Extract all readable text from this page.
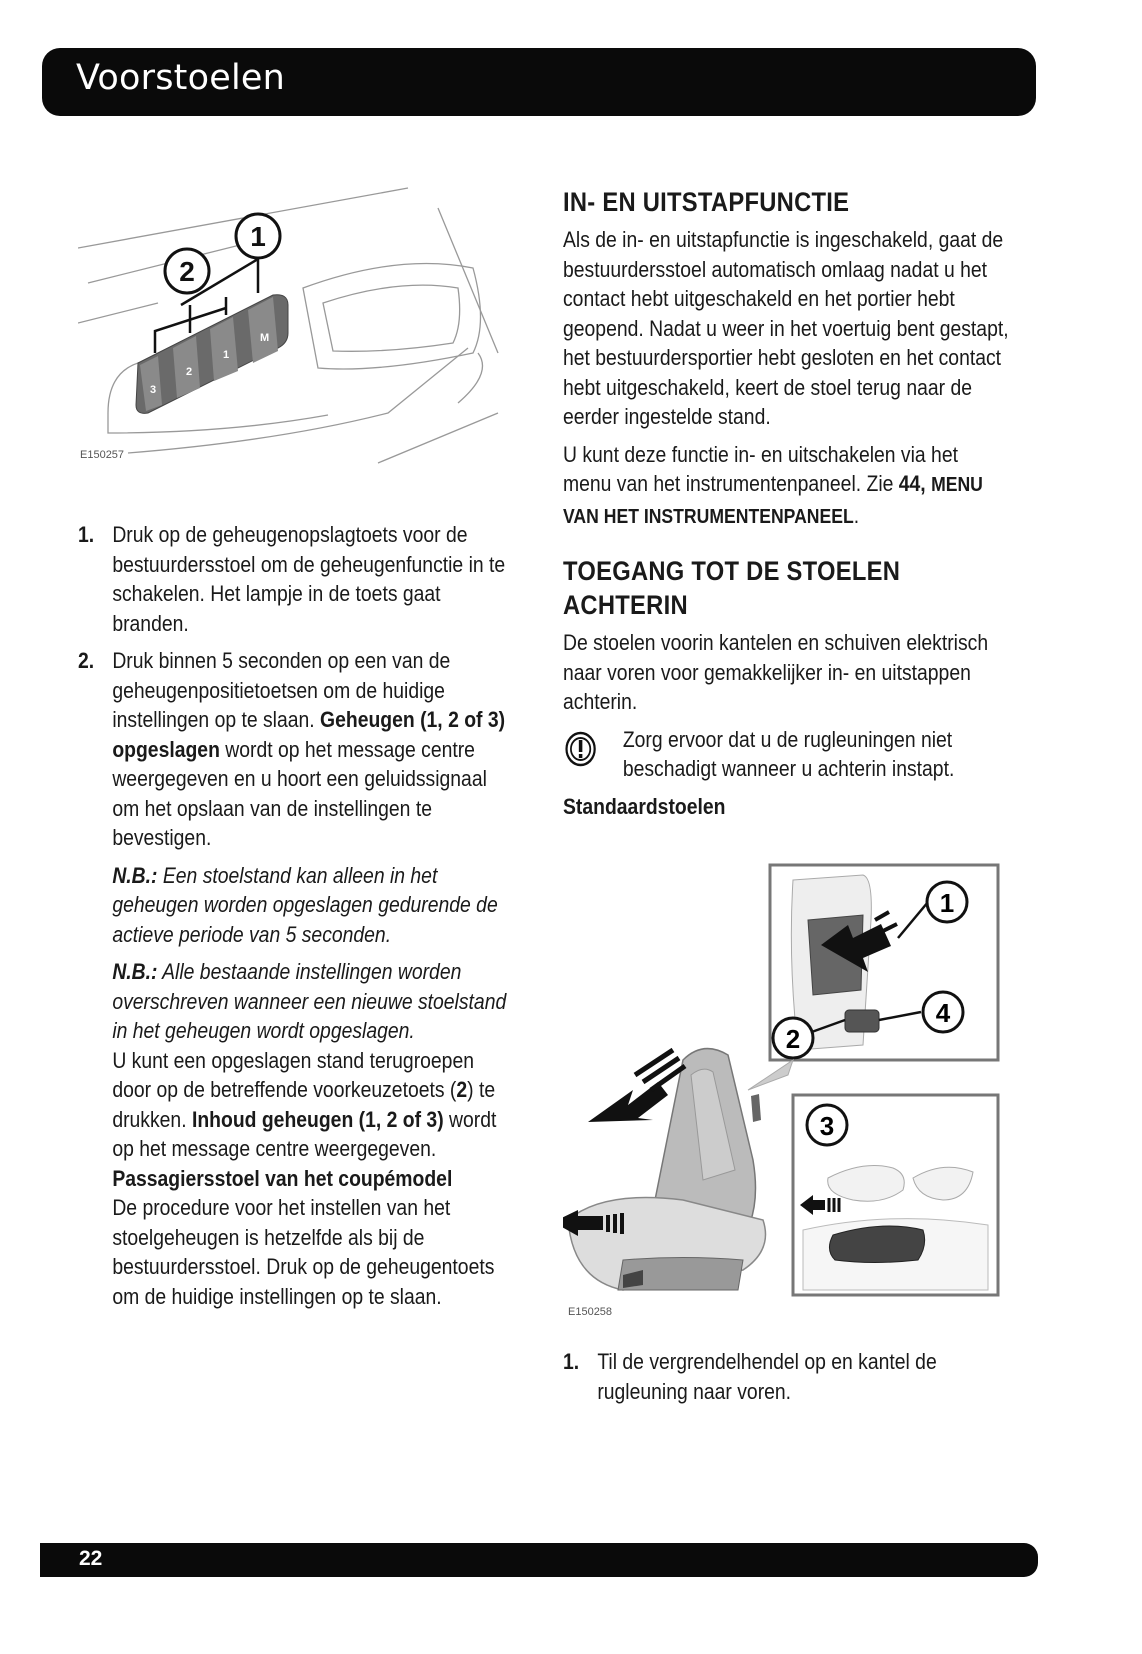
Voorstoelen
3
2
1
M
1
2
E150257
1. Druk op de geheugenopslagtoets voor de bestuurdersstoel om de geheugenfunctie in te schakelen. Het lampje in de toets gaat branden.
2. Druk binnen 5 seconden op een van de geheugenpositietoetsen om de huidige instellingen op te slaan. Geheugen (1, 2 of 3) opgeslagen wordt op het message centre weergegeven en u hoort een geluidssignaal om het opslaan van de instellingen te bevestigen.

N.B.: Een stoelstand kan alleen in het geheugen worden opgeslagen gedurende de actieve periode van 5 seconden.

N.B.: Alle bestaande instellingen worden overschreven wanneer een nieuwe stoelstand in het geheugen wordt opgeslagen.

U kunt een opgeslagen stand terugroepen door op de betreffende voorkeuzetoets (2) te drukken. Inhoud geheugen (1, 2 of 3) wordt op het message centre weergegeven.

Passagiersstoel van het coupémodel

De procedure voor het instellen van het stoelgeheugen is hetzelfde als bij de bestuurdersstoel. Druk op de geheugentoets om de huidige instellingen op te slaan.

IN- EN UITSTAPFUNCTIE

Als de in- en uitstapfunctie is ingeschakeld, gaat de bestuurdersstoel automatisch omlaag nadat u het contact hebt uitgeschakeld en het portier hebt geopend. Nadat u weer in het voertuig bent gestapt, het bestuurdersportier hebt gesloten en het contact hebt uitgeschakeld, keert de stoel terug naar de eerder ingestelde stand.

U kunt deze functie in- en uitschakelen via het menu van het instrumentenpaneel. Zie 44, MENU VAN HET INSTRUMENTENPANEEL.

TOEGANG TOT DE STOELEN ACHTERIN

De stoelen voorin kantelen en schuiven elektrisch naar voren voor gemakkelijker in- en uitstappen achterin.

Zorg ervoor dat u de rugleuningen niet beschadigt wanneer u achterin instapt.

Standaardstoelen

1
4
2
3
E150258
1. Til de vergrendelhendel op en kantel de rugleuning naar voren.
22
